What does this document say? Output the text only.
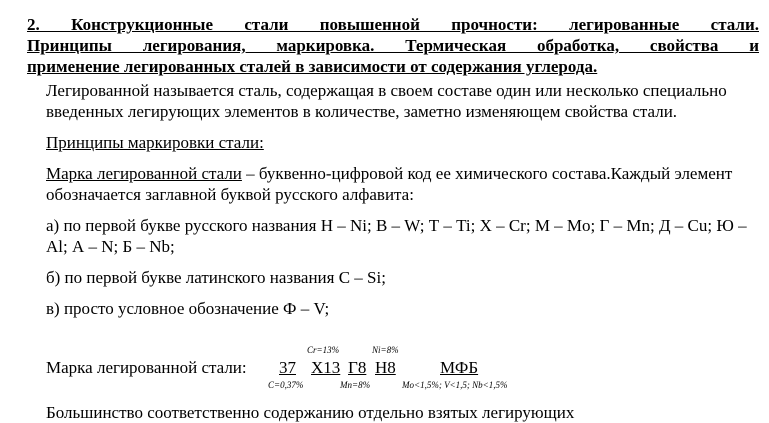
2. Конструкционные стали повышенной прочности: легированные стали.
Принципы легирования, маркировка. Термическая обработка, свойства и
применение легированных сталей в зависимости от содержания углерода.

Легированной называется сталь, содержащая в своем составе один или несколько специально введенных легирующих элементов в количестве, заметно изменяющем свойства стали.

Принципы маркировки стали:

Марка легированной стали – буквенно-цифровой код ее химического состава.Каждый элемент обозначается заглавной буквой русского алфавита:

а) по первой букве русского названия Н – Ni; В – W; Т – Ti; Х – Cr; М – Mo; Г – Mn; Д – Cu; Ю – Al; А – N; Б – Nb;

б) по первой букве латинского названия С – Si;

в) просто условное обозначение Ф – V;

Марка легированной стали: 37 Х13 Г8 Н8	МФБ
Cr=13%	Ni=8%
C=0,37%	Mn=8%	Mo<1,5%; V<1,5; Nb<1,5%
Большинство соответственно содержанию отдельно взятых легирующих
